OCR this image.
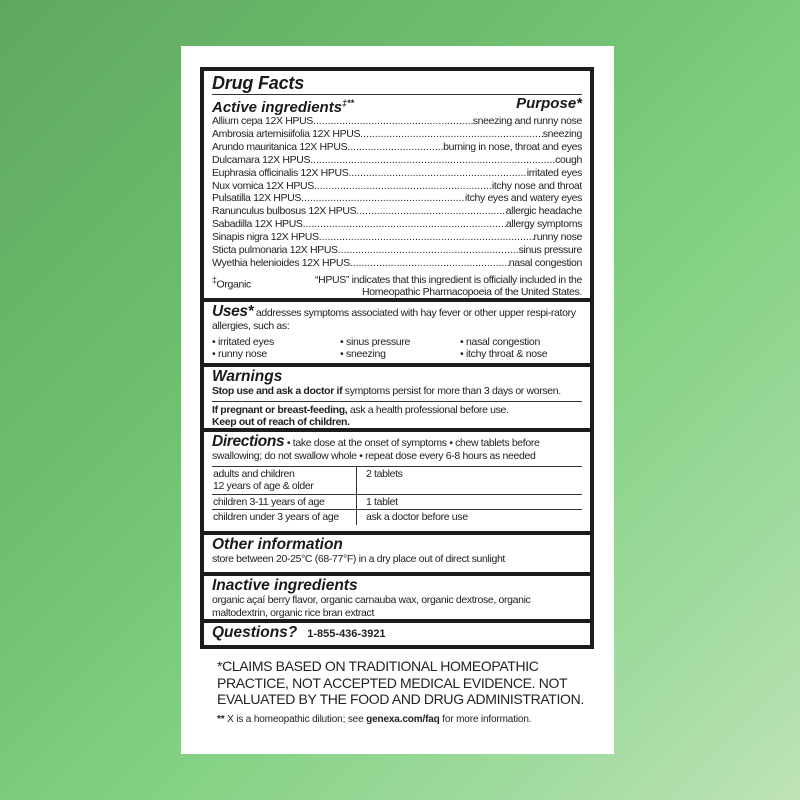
Drug Facts
Active ingredients‡**	Purpose*
Allium cepa 12X HPUS .....	sneezing and runny nose
Ambrosia artemisiifolia 12X HPUS .....	sneezing
Arundo mauritanica 12X HPUS .....	burning in nose, throat and eyes
Dulcamara 12X HPUS .....	cough
Euphrasia officinalis 12X HPUS .....	irritated eyes
Nux vomica 12X HPUS .....	itchy nose and throat
Pulsatilla 12X HPUS .....	itchy eyes and watery eyes
Ranunculus bulbosus 12X HPUS .....	allergic headache
Sabadilla 12X HPUS .....	allergy symptoms
Sinapis nigra 12X HPUS .....	runny nose
Sticta pulmonaria 12X HPUS .....	sinus pressure
Wyethia helenioides 12X HPUS .....	nasal congestion
‡Organic	“HPUS” indicates that this ingredient is officially included in the
Homeopathic Pharmacopoeia of the United States.
Uses* addresses symptoms associated with hay fever or other upper respi-ratory allergies, such as:
• irritated eyes	• sinus pressure	• nasal congestion
• runny nose	• sneezing	• itchy throat & nose
Warnings
Stop use and ask a doctor if symptoms persist for more than 3 days or worsen.
If pregnant or breast-feeding, ask a health professional before use.
Keep out of reach of children.
Directions • take dose at the onset of symptoms • chew tablets before swallowing; do not swallow whole • repeat dose every 6-8 hours as needed
adults and children
12 years of age & older	2 tablets

children 3-11 years of age	1 tablet

children under 3 years of age	ask a doctor before use
Other information
store between 20-25°C (68-77°F) in a dry place out of direct sunlight
Inactive ingredients
organic açaí berry flavor, organic carnauba wax, organic dextrose, organic maltodextrin, organic rice bran extract
Questions? 1-855-436-3921
*CLAIMS BASED ON TRADITIONAL HOMEOPATHIC PRACTICE, NOT ACCEPTED MEDICAL EVIDENCE. NOT EVALUATED BY THE FOOD AND DRUG ADMINISTRATION.
** X is a homeopathic dilution; see genexa.com/faq for more information.
